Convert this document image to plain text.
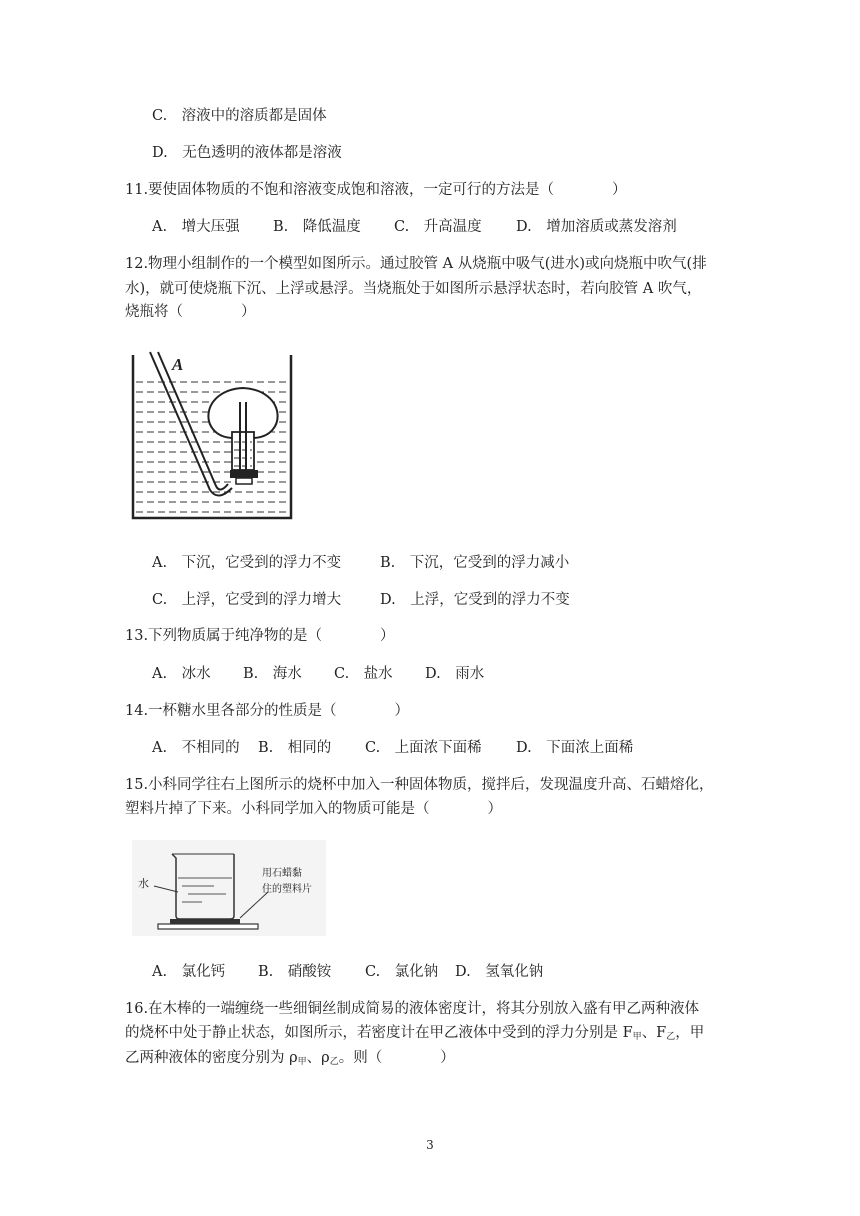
C.　溶液中的溶质都是固体
D.　无色透明的液体都是溶液
11.要使固体物质的不饱和溶液变成饱和溶液，一定可行的方法是（　　　　）
A.　增大压强 B.　降低温度 C.　升高温度 D.　增加溶质或蒸发溶剂
12.物理小组制作的一个模型如图所示。通过胶管 A 从烧瓶中吸气(进水)或向烧瓶中吹气(排
水)，就可使烧瓶下沉、上浮或悬浮。当烧瓶处于如图所示悬浮状态时，若向胶管 A 吹气，
烧瓶将（　　　　）
A
A.　下沉，它受到的浮力不变	B.　下沉，它受到的浮力减小
C.　上浮，它受到的浮力增大	D.　上浮，它受到的浮力不变
13.下列物质属于纯净物的是（　　　　）
A.　冰水 B.　海水 C.　盐水 D.　雨水
14.一杯糖水里各部分的性质是（　　　　）
A.　不相同的 B.　相同的 C.　上面浓下面稀 D.　下面浓上面稀
15.小科同学往右上图所示的烧杯中加入一种固体物质，搅拌后，发现温度升高、石蜡熔化，
塑料片掉了下来。小科同学加入的物质可能是（　　　　）
水
用石蜡黏
住的塑料片
A.　氯化钙 B.　硝酸铵 C.　氯化钠 D.　氢氧化钠
16.在木棒的一端缠绕一些细铜丝制成简易的液体密度计，将其分别放入盛有甲乙两种液体
的烧杯中处于静止状态，如图所示，若密度计在甲乙液体中受到的浮力分别是 $F_甲$、$F_乙$，甲
乙两种液体的密度分别为 $\rho_甲$、$\rho_乙$。则（　　　　）
3
